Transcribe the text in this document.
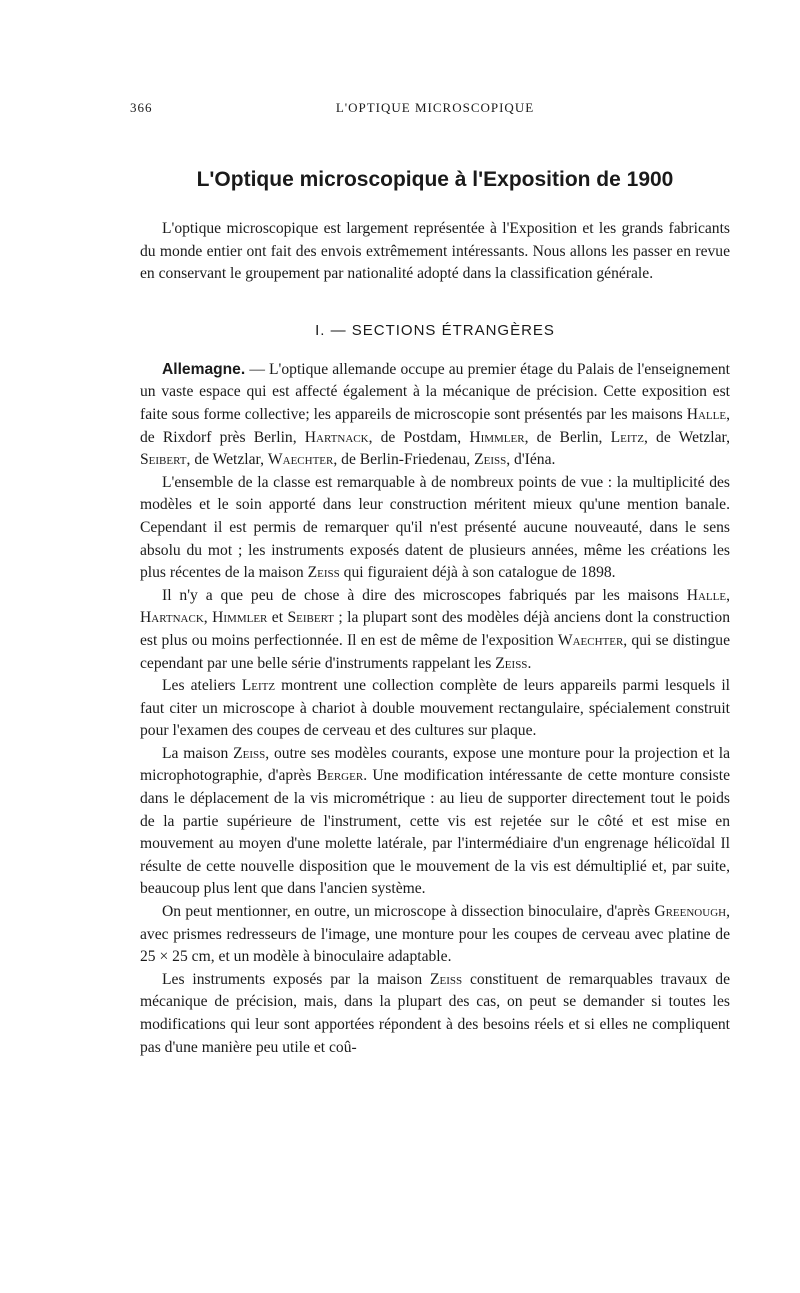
366	L'OPTIQUE MICROSCOPIQUE
L'Optique microscopique à l'Exposition de 1900

L'optique microscopique est largement représentée à l'Exposition et les grands fabricants du monde entier ont fait des envois extrêmement intéressants. Nous allons les passer en revue en conservant le groupement par nationalité adopté dans la classification générale.

I. — SECTIONS ÉTRANGÈRES

Allemagne. — L'optique allemande occupe au premier étage du Palais de l'enseignement un vaste espace qui est affecté également à la mécanique de précision. Cette exposition est faite sous forme collective; les appareils de microscopie sont présentés par les maisons Halle, de Rixdorf près Berlin, Hartnack, de Postdam, Himmler, de Berlin, Leitz, de Wetzlar, Seibert, de Wetzlar, Waechter, de Berlin-Friedenau, Zeiss, d'Iéna.

L'ensemble de la classe est remarquable à de nombreux points de vue : la multiplicité des modèles et le soin apporté dans leur construction méritent mieux qu'une mention banale. Cependant il est permis de remarquer qu'il n'est présenté aucune nouveauté, dans le sens absolu du mot ; les instruments exposés datent de plusieurs années, même les créations les plus récentes de la maison Zeiss qui figuraient déjà à son catalogue de 1898.

Il n'y a que peu de chose à dire des microscopes fabriqués par les maisons Halle, Hartnack, Himmler et Seibert ; la plupart sont des modèles déjà anciens dont la construction est plus ou moins perfectionnée. Il en est de même de l'exposition Waechter, qui se distingue cependant par une belle série d'instruments rappelant les Zeiss.

Les ateliers Leitz montrent une collection complète de leurs appareils parmi lesquels il faut citer un microscope à chariot à double mouvement rectangulaire, spécialement construit pour l'examen des coupes de cerveau et des cultures sur plaque.

La maison Zeiss, outre ses modèles courants, expose une monture pour la projection et la microphotographie, d'après Berger. Une modification intéressante de cette monture consiste dans le déplacement de la vis micrométrique : au lieu de supporter directement tout le poids de la partie supérieure de l'instrument, cette vis est rejetée sur le côté et est mise en mouvement au moyen d'une molette latérale, par l'intermédiaire d'un engrenage hélicoïdal Il résulte de cette nouvelle disposition que le mouvement de la vis est démultiplié et, par suite, beaucoup plus lent que dans l'ancien système.

On peut mentionner, en outre, un microscope à dissection binoculaire, d'après Greenough, avec prismes redresseurs de l'image, une monture pour les coupes de cerveau avec platine de 25 × 25 cm, et un modèle à binoculaire adaptable.

Les instruments exposés par la maison Zeiss constituent de remarquables travaux de mécanique de précision, mais, dans la plupart des cas, on peut se demander si toutes les modifications qui leur sont apportées répondent à des besoins réels et si elles ne compliquent pas d'une manière peu utile et coû-
